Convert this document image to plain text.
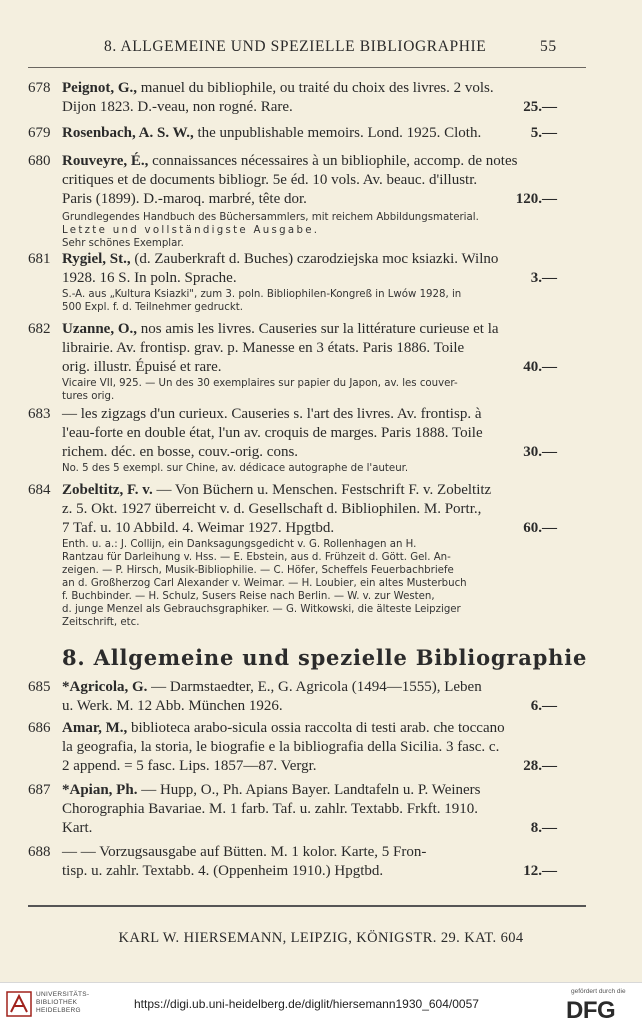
8. ALLGEMEINE UND SPEZIELLE BIBLIOGRAPHIE	55
678 Peignot, G., manuel du bibliophile, ou traité du choix des livres. 2 vols.
Dijon 1823. D.-veau, non rogné. Rare.	25.—
679 Rosenbach, A. S. W., the unpublishable memoirs. Lond. 1925. Cloth.	5.—
680 Rouveyre, É., connaissances nécessaires à un bibliophile, accomp. de notes
critiques et de documents bibliogr. 5e éd. 10 vols. Av. beauc. d'illustr.
Paris (1899). D.-maroq. marbré, tête dor.	120.—
Grundlegendes Handbuch des Büchersammlers, mit reichem Abbildungsmaterial.
Letzte und vollständigste Ausgabe.
Sehr schönes Exemplar.
681 Rygiel, St., (d. Zauberkraft d. Buches) czarodziejska moc ksiazki. Wilno
1928. 16 S. In poln. Sprache.	3.—
S.-A. aus „Kultura Ksiazki", zum 3. poln. Bibliophilen-Kongreß in Lwów 1928, in
500 Expl. f. d. Teilnehmer gedruckt.
682 Uzanne, O., nos amis les livres. Causeries sur la littérature curieuse et la
librairie. Av. frontisp. grav. p. Manesse en 3 états. Paris 1886. Toile
orig. illustr. Épuisé et rare.	40.—
Vicaire VII, 925. — Un des 30 exemplaires sur papier du Japon, av. les couver-
tures orig.
683 — les zigzags d'un curieux. Causeries s. l'art des livres. Av. frontisp. à
l'eau-forte en double état, l'un av. croquis de marges. Paris 1888. Toile
richem. déc. en bosse, couv.-orig. cons.	30.—
No. 5 des 5 exempl. sur Chine, av. dédicace autographe de l'auteur.
684 Zobeltitz, F. v. — Von Büchern u. Menschen. Festschrift F. v. Zobeltitz
z. 5. Okt. 1927 überreicht v. d. Gesellschaft d. Bibliophilen. M. Portr.,
7 Taf. u. 10 Abbild. 4. Weimar 1927. Hpgtbd.	60.—
Enth. u. a.: J. Collijn, ein Danksagungsgedicht v. G. Rollenhagen an H.
Rantzau für Darleihung v. Hss. — E. Ebstein, aus d. Frühzeit d. Gött. Gel. An-
zeigen. — P. Hirsch, Musik-Bibliophilie. — C. Höfer, Scheffels Feuerbachbriefe
an d. Großherzog Carl Alexander v. Weimar. — H. Loubier, ein altes Musterbuch
f. Buchbinder. — H. Schulz, Susers Reise nach Berlin. — W. v. zur Westen,
d. junge Menzel als Gebrauchsgraphiker. — G. Witkowski, die älteste Leipziger
Zeitschrift, etc.
8. Allgemeine und spezielle Bibliographie
685 *Agricola, G. — Darmstaedter, E., G. Agricola (1494—1555), Leben
u. Werk. M. 12 Abb. München 1926.	6.—
686 Amar, M., biblioteca arabo-sicula ossia raccolta di testi arab. che toccano
la geografia, la storia, le biografie e la bibliografia della Sicilia. 3 fasc. c.
2 append. = 5 fasc. Lips. 1857—87. Vergr.	28.—
687 *Apian, Ph. — Hupp, O., Ph. Apians Bayer. Landtafeln u. P. Weiners
Chorographia Bavariae. M. 1 farb. Taf. u. zahlr. Textabb. Frkft. 1910.
Kart.	8.—
688 — — Vorzugsausgabe auf Bütten. M. 1 kolor. Karte, 5 Fron-
tisp. u. zahlr. Textabb. 4. (Oppenheim 1910.) Hpgtbd.	12.—
KARL W. HIERSEMANN, LEIPZIG, KÖNIGSTR. 29. KAT. 604
UNIVERSITÄTS-
BIBLIOTHEK
HEIDELBERG	https://digi.ub.uni-heidelberg.de/diglit/hiersemann1930_604/0057
gefördert durch die
DFG
